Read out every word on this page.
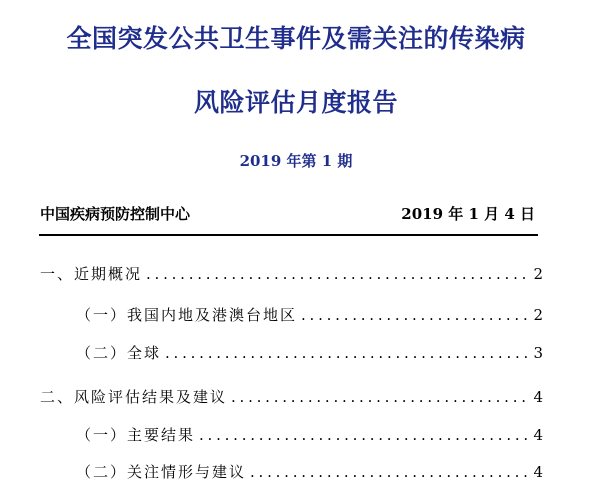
全国突发公共卫生事件及需关注的传染病
风险评估月度报告
2019 年第 1 期
中国疾病预防控制中心	2019 年 1 月 4 日
一、近期概况 . . .	2
（一）我国内地及港澳台地区 . . .	2
（二）全球 . . .	3
二、风险评估结果及建议 . . .	4
（一）主要结果 . . .	4
（二）关注情形与建议 . . .	4
